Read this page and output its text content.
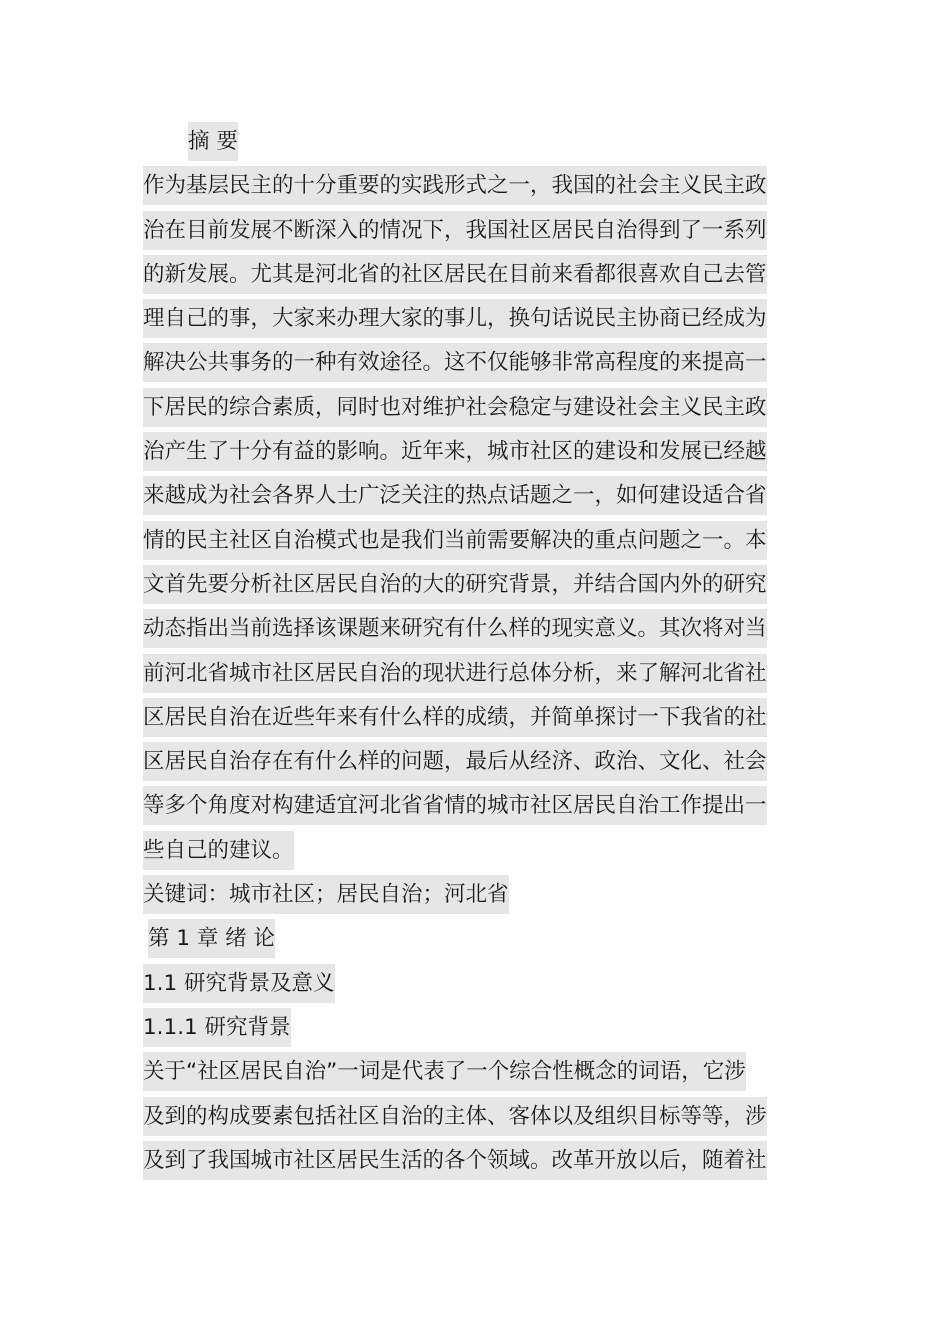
摘 要
作为基层民主的十分重要的实践形式之一，我国的社会主义民主政
治在目前发展不断深入的情况下，我国社区居民自治得到了一系列
的新发展。尤其是河北省的社区居民在目前来看都很喜欢自己去管
理自己的事，大家来办理大家的事儿，换句话说民主协商已经成为
解决公共事务的一种有效途径。这不仅能够非常高程度的来提高一
下居民的综合素质，同时也对维护社会稳定与建设社会主义民主政
治产生了十分有益的影响。近年来，城市社区的建设和发展已经越
来越成为社会各界人士广泛关注的热点话题之一，如何建设适合省
情的民主社区自治模式也是我们当前需要解决的重点问题之一。本
文首先要分析社区居民自治的大的研究背景，并结合国内外的研究
动态指出当前选择该课题来研究有什么样的现实意义。其次将对当
前河北省城市社区居民自治的现状进行总体分析，来了解河北省社
区居民自治在近些年来有什么样的成绩，并简单探讨一下我省的社
区居民自治存在有什么样的问题，最后从经济、政治、文化、社会
等多个角度对构建适宜河北省省情的城市社区居民自治工作提出一
些自己的建议。
关键词：城市社区；居民自治；河北省
第 1 章 绪 论
1.1 研究背景及意义
1.1.1 研究背景
关于“社区居民自治”一词是代表了一个综合性概念的词语，它涉
及到的构成要素包括社区自治的主体、客体以及组织目标等等，涉
及到了我国城市社区居民生活的各个领域。改革开放以后，随着社
